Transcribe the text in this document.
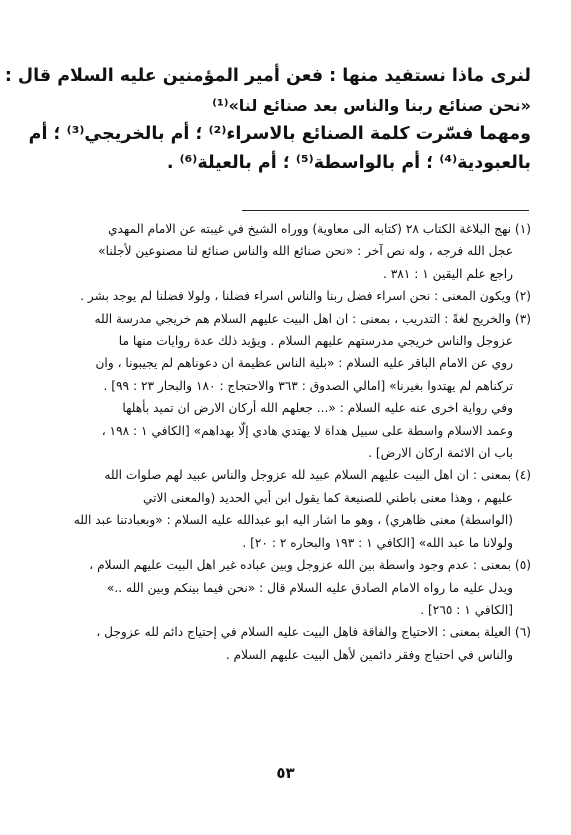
لنرى ماذا نستفيد منها : فعن أمير المؤمنين عليه السلام قال :

«نحن صنائع ربنا والناس بعد صنائع لنا»⁽¹⁾

ومهما فسّرت كلمة الصنائع بالاسراء⁽²⁾ ؛ أم بالخريجي⁽³⁾ ؛ أم

بالعبودية⁽⁴⁾ ؛ أم بالواسطة⁽⁵⁾ ؛ أم بالعيلة⁽⁶⁾ .

(١) نهج البلاغة الكتاب ٢٨ (كتابه الى معاوية) ووراه الشيخ في غيبته عن الامام المهدي

عجل الله فرجه ، وله نص آخر : «نحن صنائع الله والناس صنائع لنا مصنوعين لأجلنا»

راجع علم اليقين ١ : ٣٨١ .

(٢) ويكون المعنى : نحن اسراء فضل ربنا والناس اسراء فضلنا ، ولولا فضلنا لم يوجد بشر .

(٣) والخريج لغةً : التدريب ، بمعنى : ان اهل البيت عليهم السلام هم خريجي مدرسة الله

عزوجل والناس خريجي مدرستهم عليهم السلام . ويؤيد ذلك عدة روايات منها ما

روي عن الامام الباقر عليه السلام : «بلية الناس عظيمة ان دعوناهم لم يجيبونا ، وان

تركناهم لم يهتدوا بغيرنا» [امالي الصدوق : ٣٦٣ والاحتجاج : ١٨٠ والبحار ٢٣ : ٩٩] .

وفي رواية اخرى عنه عليه السلام : «... جعلهم الله أركان الارض ان تميد بأهلها

وعمد الاسلام واسطة على سبيل هداة لا يهتدي هادي إلّا بهداهم» [الكافي ١ : ١٩٨ ،

باب ان الائمة اركان الارض] .

(٤) بمعنى : ان اهل البيت عليهم السلام عبيد لله عزوجل والناس عبيد لهم صلوات الله

عليهم ، وهذا معنى باطني للصنيعة كما يقول ابن أبي الحديد (والمعنى الاتي

(الواسطة) معنى ظاهري) ، وهو ما اشار اليه ابو عبدالله عليه السلام : «وبعبادتنا عبد الله

ولولانا ما عبد الله» [الكافي ١ : ١٩٣ والبحاره ٢ : ٢٠] .

(٥) بمعنى : عدم وجود واسطة بين الله عزوجل وبين عباده غير اهل البيت عليهم السلام ،

ويدل عليه ما رواه الامام الصادق عليه السلام قال : «نحن فيما بينكم وبين الله ..»

[الكافي ١ : ٢٦٥] .

(٦) العيلة بمعنى : الاحتياج والفاقة فاهل البيت عليه السلام في إحتياج دائم لله عزوجل ،

والناس في احتياج وفقر دائمين لأهل البيت عليهم السلام .

٥٣
